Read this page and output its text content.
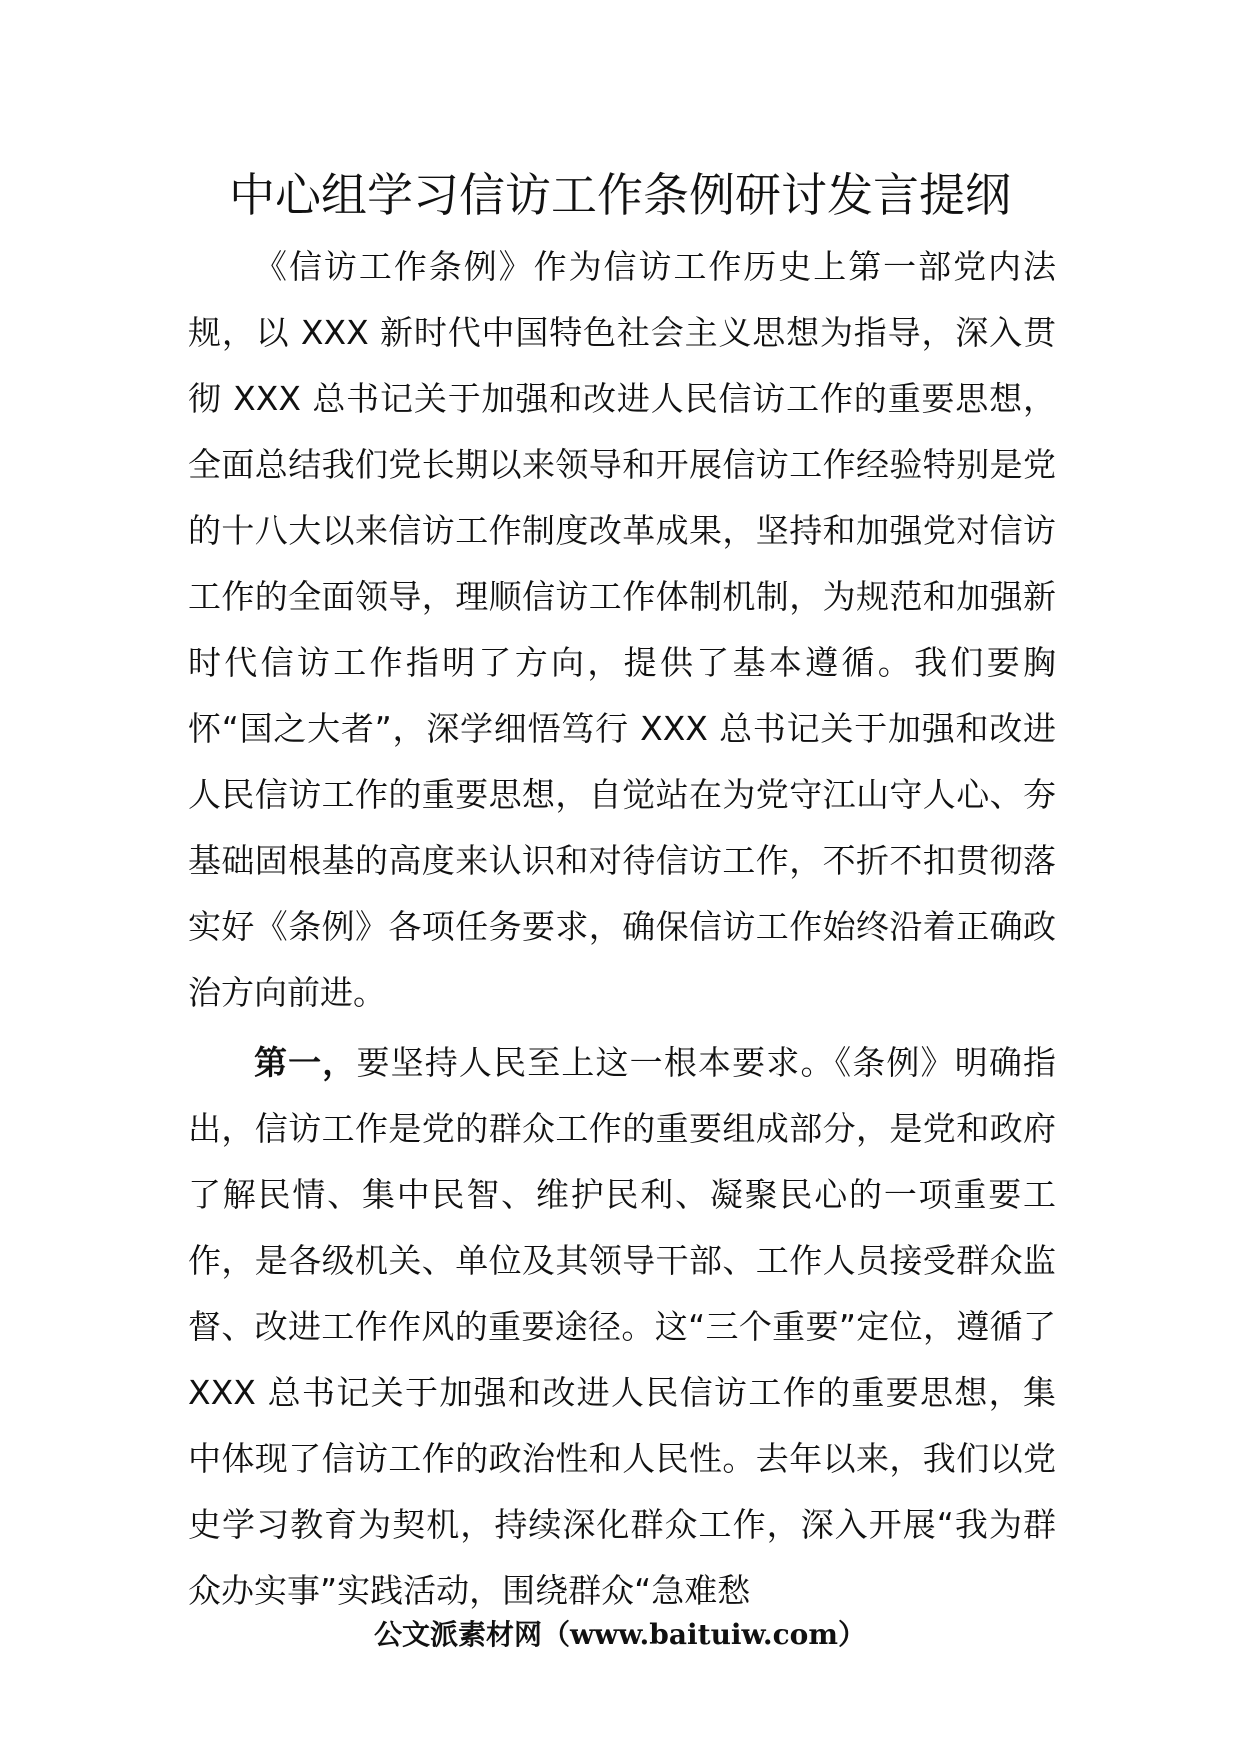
中心组学习信访工作条例研讨发言提纲

《信访工作条例》作为信访工作历史上第一部党内法规，以 XXX 新时代中国特色社会主义思想为指导，深入贯彻 XXX 总书记关于加强和改进人民信访工作的重要思想，全面总结我们党长期以来领导和开展信访工作经验特别是党的十八大以来信访工作制度改革成果，坚持和加强党对信访工作的全面领导，理顺信访工作体制机制，为规范和加强新时代信访工作指明了方向，提供了基本遵循。我们要胸怀“国之大者”，深学细悟笃行 XXX 总书记关于加强和改进人民信访工作的重要思想，自觉站在为党守江山守人心、夯基础固根基的高度来认识和对待信访工作，不折不扣贯彻落实好《条例》各项任务要求，确保信访工作始终沿着正确政治方向前进。

第一，要坚持人民至上这一根本要求。《条例》明确指出，信访工作是党的群众工作的重要组成部分，是党和政府了解民情、集中民智、维护民利、凝聚民心的一项重要工作，是各级机关、单位及其领导干部、工作人员接受群众监督、改进工作作风的重要途径。这“三个重要”定位，遵循了 XXX 总书记关于加强和改进人民信访工作的重要思想，集中体现了信访工作的政治性和人民性。去年以来，我们以党史学习教育为契机，持续深化群众工作，深入开展“我为群众办实事”实践活动，围绕群众“急难愁

公文派素材网（www.baituiw.com）
